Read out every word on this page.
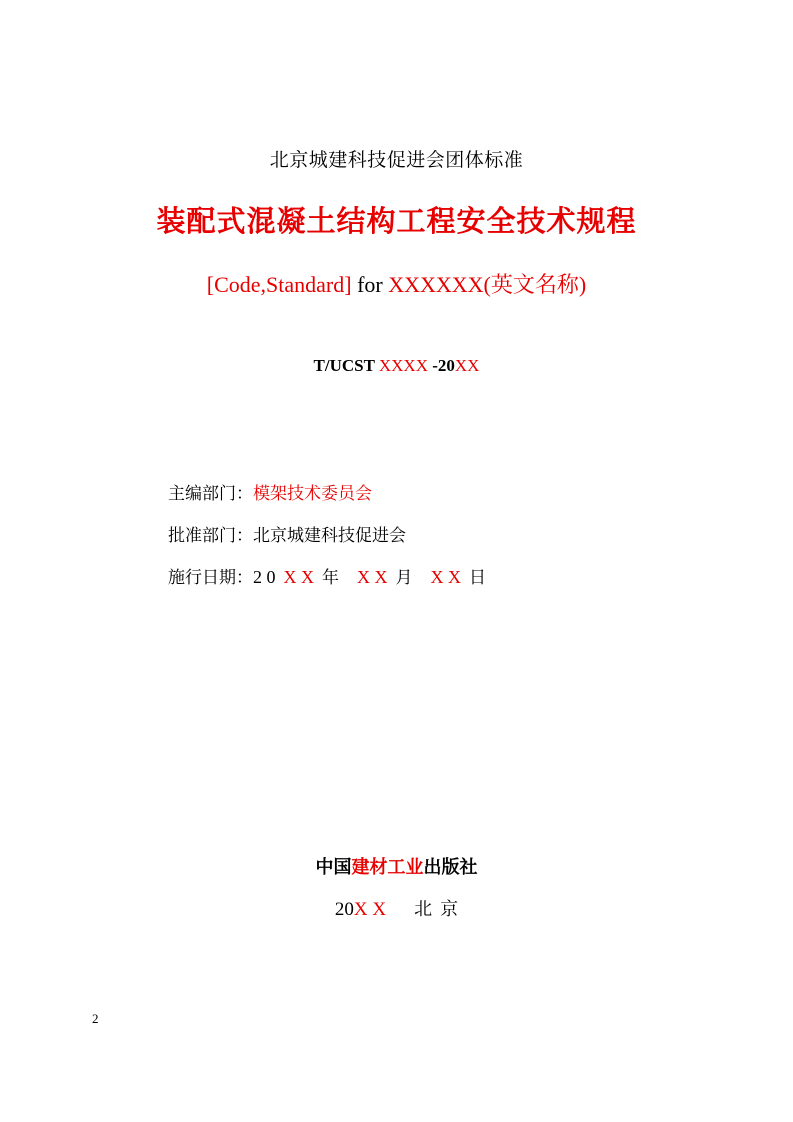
北京城建科技促进会团体标准
装配式混凝土结构工程安全技术规程
[Code,Standard] for XXXXXX(英文名称)
T/UCST XXXX -20XX
主编部门：模架技术委员会
批准部门：北京城建科技促进会
施行日期：2 0 X X 年 X X 月 X X 日
中国建材工业出版社
20X X 北 京
2
